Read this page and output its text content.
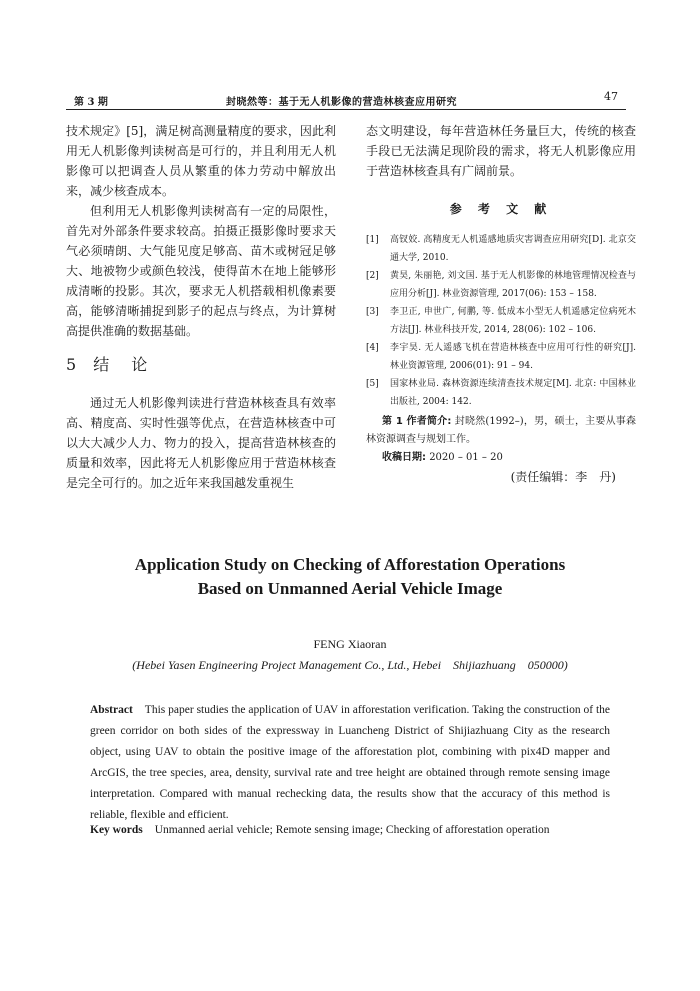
第 3 期	封晓然等：基于无人机影像的营造林核查应用研究	47

技术规定》[5]，满足树高测量精度的要求，因此利用无人机影像判读树高是可行的，并且利用无人机影像可以把调查人员从繁重的体力劳动中解放出来，减少核查成本。

但利用无人机影像判读树高有一定的局限性，首先对外部条件要求较高。拍摄正摄影像时要求天气必须晴朗、大气能见度足够高、苗木或树冠足够大、地被物少或颜色较浅，使得苗木在地上能够形成清晰的投影。其次，要求无人机搭载相机像素要高，能够清晰捕捉到影子的起点与终点，为计算树高提供准确的数据基础。

5 结　论

通过无人机影像判读进行营造林核查具有效率高、精度高、实时性强等优点，在营造林核查中可以大大减少人力、物力的投入，提高营造林核查的质量和效率，因此将无人机影像应用于营造林核查是完全可行的。加之近年来我国越发重视生

态文明建设，每年营造林任务量巨大，传统的核查手段已无法满足现阶段的需求，将无人机影像应用于营造林核查具有广阔前景。

参 考 文 献

[1]	高钗姣. 高精度无人机遥感地质灾害调查应用研究[D]. 北京交通大学, 2010.
[2]	黄昊, 朱丽艳, 刘文国. 基于无人机影像的林地管理情况检查与应用分析[J]. 林业资源管理, 2017(06): 153 – 158.
[3]	李卫正, 申世广, 何鹏, 等. 低成本小型无人机遥感定位病死木方法[J]. 林业科技开发, 2014, 28(06): 102 – 106.
[4]	李宇昊. 无人遥感飞机在营造林核查中应用可行性的研究[J]. 林业资源管理, 2006(01): 91 – 94.
[5]	国家林业局. 森林资源连续清查技术规定[M]. 北京: 中国林业出版社, 2004: 142.

第 1 作者简介: 封晓然(1992–)，男，硕士，主要从事森林资源调查与规划工作。

收稿日期: 2020 – 01 – 20

(责任编辑：李　丹)

Application Study on Checking of Afforestation Operations
Based on Unmanned Aerial Vehicle Image
FENG Xiaoran
(Hebei Yasen Engineering Project Management Co., Ltd., Hebei　Shijiazhuang　050000)
Abstract This paper studies the application of UAV in afforestation verification. Taking the construction of the green corridor on both sides of the expressway in Luancheng District of Shijiazhuang City as the research object, using UAV to obtain the positive image of the afforestation plot, combining with pix4D mapper and ArcGIS, the tree species, area, density, survival rate and tree height are obtained through remote sensing image interpretation. Compared with manual rechecking data, the results show that the accuracy of this method is reliable, flexible and efficient.
Key words Unmanned aerial vehicle; Remote sensing image; Checking of afforestation operation
